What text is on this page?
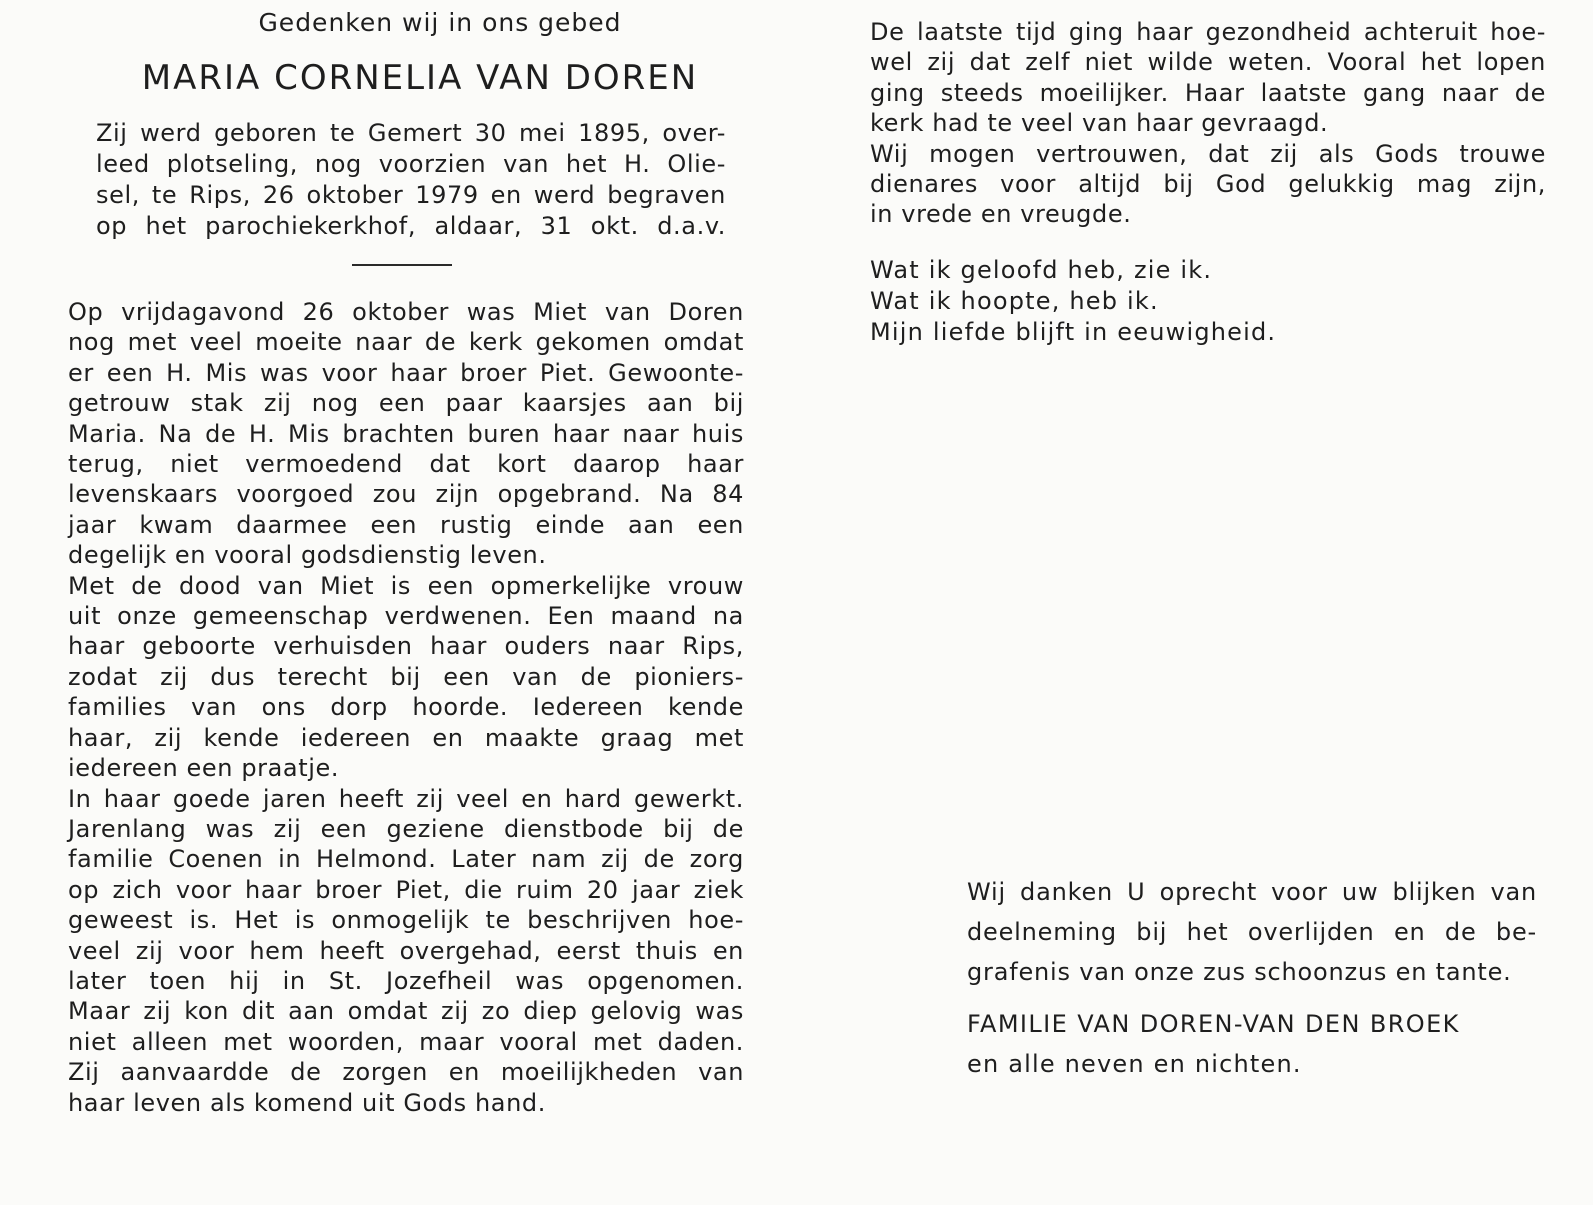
Gedenken wij in ons gebed

MARIA CORNELIA VAN DOREN

Zij werd geboren te Gemert 30 mei 1895, over-
leed plotseling, nog voorzien van het H. Olie-
sel, te Rips, 26 oktober 1979 en werd begraven
op het parochiekerkhof, aldaar, 31 okt. d.a.v.

Op vrijdagavond 26 oktober was Miet van Doren
nog met veel moeite naar de kerk gekomen omdat
er een H. Mis was voor haar broer Piet. Gewoonte-
getrouw stak zij nog een paar kaarsjes aan bij
Maria. Na de H. Mis brachten buren haar naar huis
terug, niet vermoedend dat kort daarop haar
levenskaars voorgoed zou zijn opgebrand. Na 84
jaar kwam daarmee een rustig einde aan een
degelijk en vooral godsdienstig leven.
Met de dood van Miet is een opmerkelijke vrouw
uit onze gemeenschap verdwenen. Een maand na
haar geboorte verhuisden haar ouders naar Rips,
zodat zij dus terecht bij een van de pioniers-
families van ons dorp hoorde. Iedereen kende
haar, zij kende iedereen en maakte graag met
iedereen een praatje.
In haar goede jaren heeft zij veel en hard gewerkt.
Jarenlang was zij een geziene dienstbode bij de
familie Coenen in Helmond. Later nam zij de zorg
op zich voor haar broer Piet, die ruim 20 jaar ziek
geweest is. Het is onmogelijk te beschrijven hoe-
veel zij voor hem heeft overgehad, eerst thuis en
later toen hij in St. Jozefheil was opgenomen.
Maar zij kon dit aan omdat zij zo diep gelovig was
niet alleen met woorden, maar vooral met daden.
Zij aanvaardde de zorgen en moeilijkheden van
haar leven als komend uit Gods hand.
De laatste tijd ging haar gezondheid achteruit hoe-
wel zij dat zelf niet wilde weten. Vooral het lopen
ging steeds moeilijker. Haar laatste gang naar de
kerk had te veel van haar gevraagd.
Wij mogen vertrouwen, dat zij als Gods trouwe
dienares voor altijd bij God gelukkig mag zijn,
in vrede en vreugde.
Wat ik geloofd heb, zie ik.
Wat ik hoopte, heb ik.
Mijn liefde blijft in eeuwigheid.
Wij danken U oprecht voor uw blijken van
deelneming bij het overlijden en de be-
grafenis van onze zus schoonzus en tante.

FAMILIE VAN DOREN-VAN DEN BROEK

en alle neven en nichten.
